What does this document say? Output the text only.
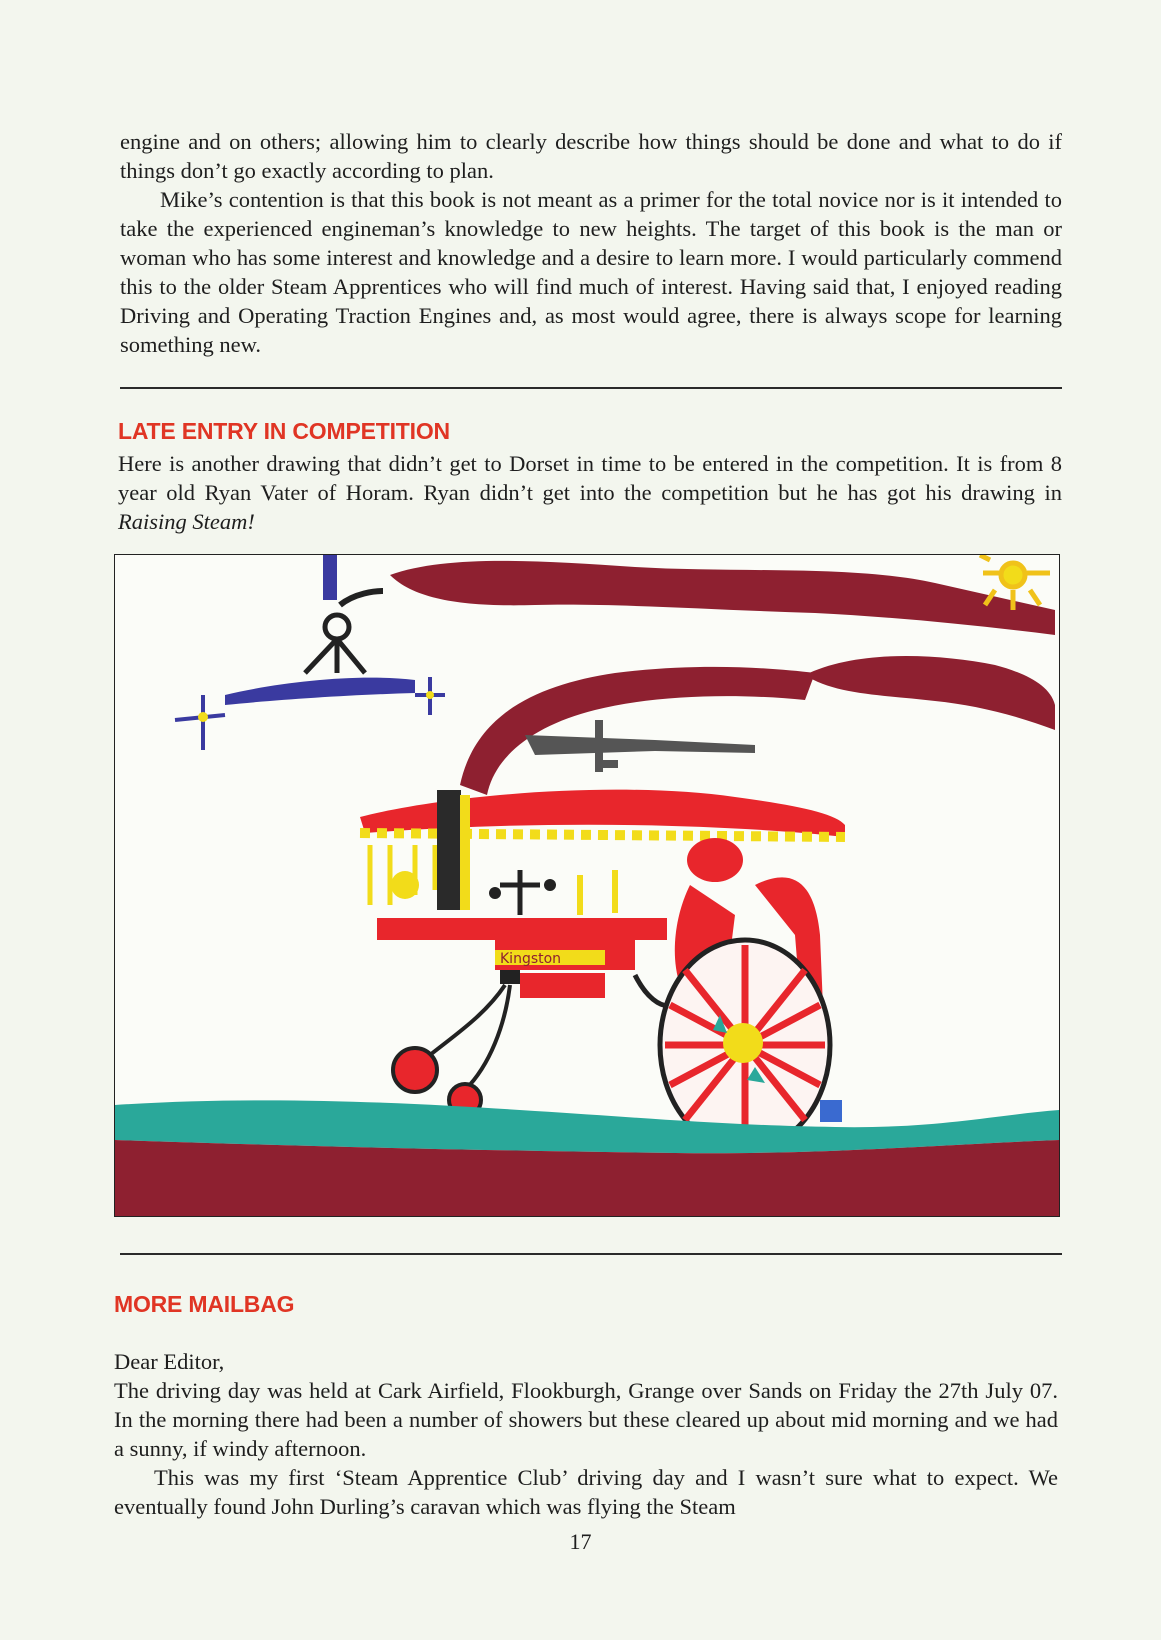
engine and on others; allowing him to clearly describe how things should be done and what to do if things don’t go exactly according to plan.

Mike’s contention is that this book is not meant as a primer for the total novice nor is it intended to take the experienced engineman’s knowledge to new heights. The target of this book is the man or woman who has some interest and knowledge and a desire to learn more. I would particularly commend this to the older Steam Apprentices who will find much of interest. Having said that, I enjoyed reading Driving and Operating Traction Engines and, as most would agree, there is always scope for learning something new.

LATE ENTRY IN COMPETITION

Here is another drawing that didn’t get to Dorset in time to be entered in the competition. It is from 8 year old Ryan Vater of Horam. Ryan didn’t get into the competition but he has got his drawing in Raising Steam!

Kingston
MORE MAILBAG

Dear Editor,

The driving day was held at Cark Airfield, Flookburgh, Grange over Sands on Friday the 27th July 07. In the morning there had been a number of showers but these cleared up about mid morning and we had a sunny, if windy afternoon.

This was my first ‘Steam Apprentice Club’ driving day and I wasn’t sure what to expect. We eventually found John Durling’s caravan which was flying the Steam

17
